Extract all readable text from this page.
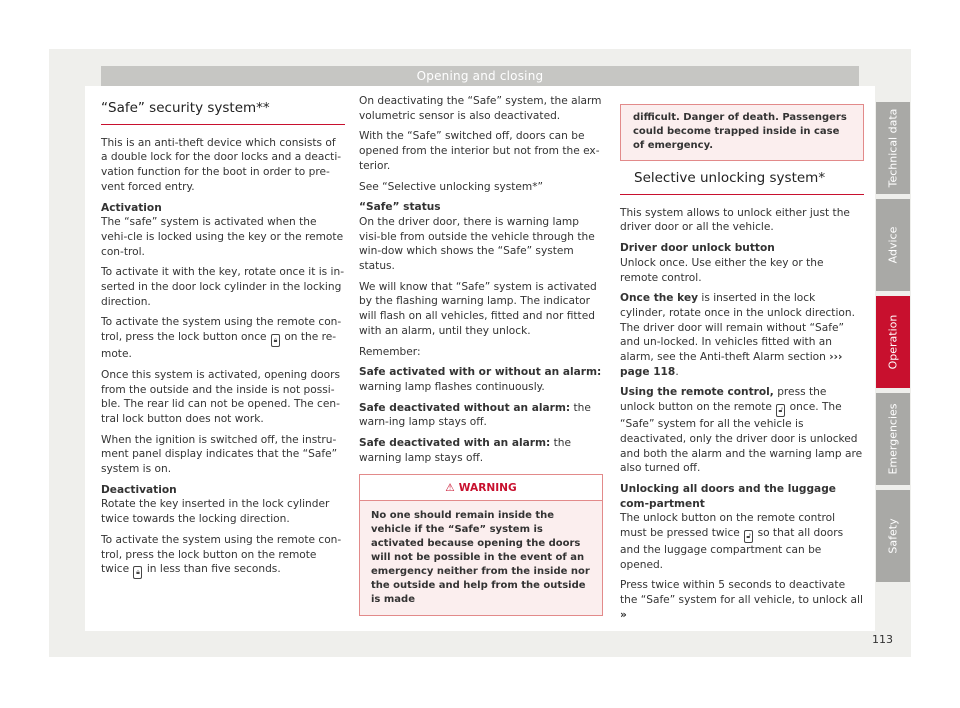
Opening and closing
“Safe” security system**

This is an anti-theft device which consists of a double lock for the door locks and a deacti-vation function for the boot in order to pre-vent forced entry.

Activation

The “safe” system is activated when the vehi-cle is locked using the key or the remote con-trol.

To activate it with the key, rotate once it is in-serted in the door lock cylinder in the locking direction.

To activate the system using the remote con-trol, press the lock button once 🔒︎ on the re-mote.

Once this system is activated, opening doors from the outside and the inside is not possi-ble. The rear lid can not be opened. The cen-tral lock button does not work.

When the ignition is switched off, the instru-ment panel display indicates that the “Safe” system is on.

Deactivation

Rotate the key inserted in the lock cylinder twice towards the locking direction.

To activate the system using the remote con-trol, press the lock button on the remote twice 🔒︎ in less than five seconds.

On deactivating the “Safe” system, the alarm volumetric sensor is also deactivated.

With the “Safe” switched off, doors can be opened from the interior but not from the ex-terior.

See “Selective unlocking system*”

“Safe” status

On the driver door, there is warning lamp visi-ble from outside the vehicle through the win-dow which shows the “Safe” system status.

We will know that “Safe” system is activated by the flashing warning lamp. The indicator will flash on all vehicles, fitted and nor fitted with an alarm, until they unlock.

Remember:

Safe activated with or without an alarm: warning lamp flashes continuously.

Safe deactivated without an alarm: the warn-ing lamp stays off.

Safe deactivated with an alarm: the warning lamp stays off.

⚠ WARNING
No one should remain inside the vehicle if the “Safe” system is activated because opening the doors will not be possible in the event of an emergency neither from the inside nor the outside and help from the outside is made
difficult. Danger of death. Passengers could become trapped inside in case of emergency.
Selective unlocking system*

This system allows to unlock either just the driver door or all the vehicle.

Driver door unlock button

Unlock once. Use either the key or the remote control.

Once the key is inserted in the lock cylinder, rotate once in the unlock direction. The driver door will remain without “Safe” and un-locked. In vehicles fitted with an alarm, see the Anti-theft Alarm section ››› page 118.

Using the remote control, press the unlock button on the remote 🔓︎ once. The “Safe” system for all the vehicle is deactivated, only the driver door is unlocked and both the alarm and the warning lamp are also turned off.

Unlocking all doors and the luggage com-partment

The unlock button on the remote control must be pressed twice 🔓︎ so that all doors and the luggage compartment can be opened.

Press twice within 5 seconds to deactivate the “Safe” system for all vehicle, to unlock all »

Technical data
Advice
Operation
Emergencies
Safety
113
